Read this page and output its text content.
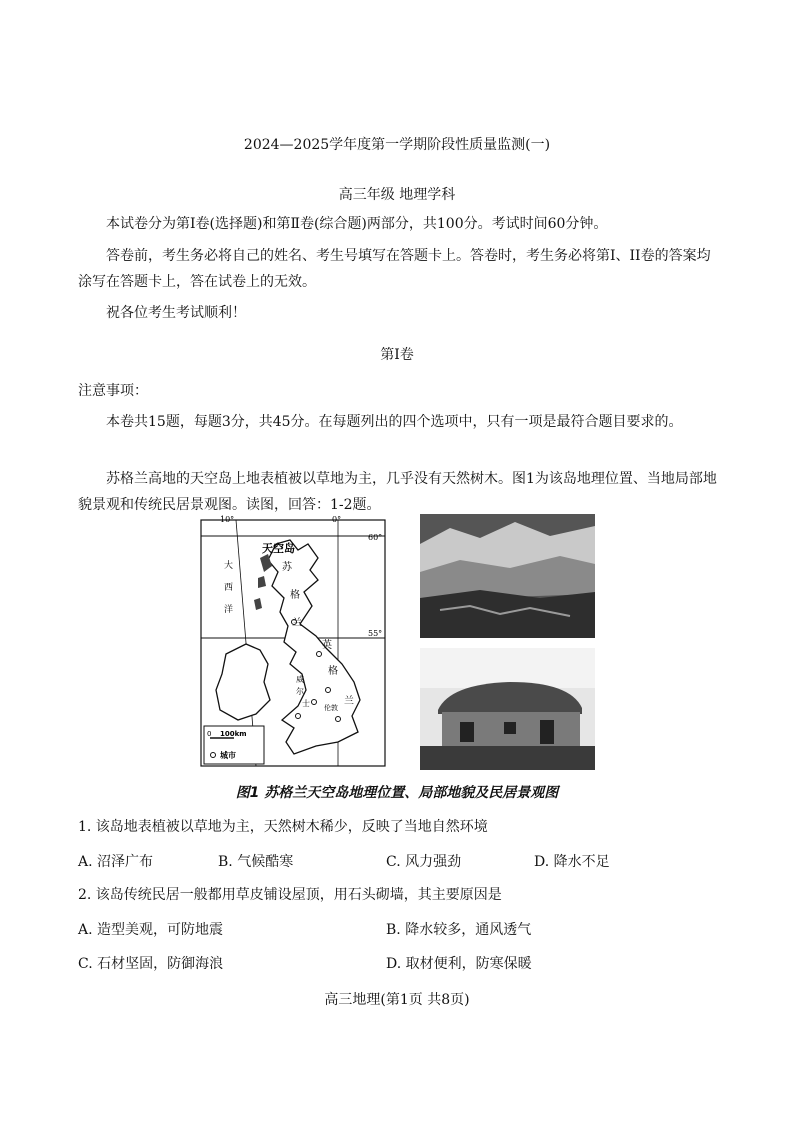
2024—2025学年度第一学期阶段性质量监测(一)
高三年级 地理学科
本试卷分为第Ⅰ卷(选择题)和第Ⅱ卷(综合题)两部分，共100分。考试时间60分钟。
答卷前，考生务必将自己的姓名、考生号填写在答题卡上。答卷时，考生务必将第Ⅰ、II卷的答案均涂写在答题卡上，答在试卷上的无效。
祝各位考生考试顺利！
第Ⅰ卷
注意事项：
本卷共15题，每题3分，共45分。在每题列出的四个选项中，只有一项是最符合题目要求的。
苏格兰高地的天空岛上地表植被以草地为主，几乎没有天然树木。图1为该岛地理位置、当地局部地貌景观和传统民居景观图。读图，回答：1-2题。
10°	0°
60°
55°
天空岛
大
西
洋
苏
格
兰
英
格
兰
威
尔
士 伦敦
0 100km
城市
图1 苏格兰天空岛地理位置、局部地貌及民居景观图
1. 该岛地表植被以草地为主，天然树木稀少，反映了当地自然环境
A. 沼泽广布	B. 气候酷寒	C. 风力强劲	D. 降水不足
2. 该岛传统民居一般都用草皮铺设屋顶，用石头砌墙，其主要原因是
A. 造型美观，可防地震	B. 降水较多，通风透气
C. 石材坚固，防御海浪	D. 取材便利，防寒保暖
高三地理(第1页 共8页)
